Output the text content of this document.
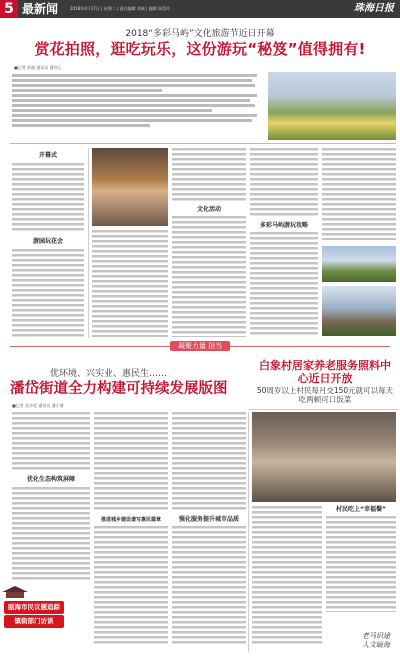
5 最新闻	2018年4月17日 | 星期二 | 责任编辑 刘威 | 编辑 周美玲	珠海日报
2018“多彩马屿”文化旅游节近日开幕
赏花拍照，逛吃玩乐，这份游玩“秘笈”值得拥有!
■记者 苏晓 通讯员 曹伟云
开幕式
游园玩花会
文化活动
多彩马屿游玩攻略
凝聚力量 担当
优环境、兴实业、惠民生……
潘岱街道全力构建可持续发展版图
■记者 苏泽雯 通讯员 潘小倩
白象村居家养老服务照料中心近日开放
50周岁以上村民每月交150元就可以每天吃两顿可口饭菜
优化生态构筑屏障
推进城乡建设谱写惠民篇章	强化服务提升城市品质
村民吃上“幸福餐”
瓯海市民议题追踪
镇街部门访谈
老马识途
人文瓯海
